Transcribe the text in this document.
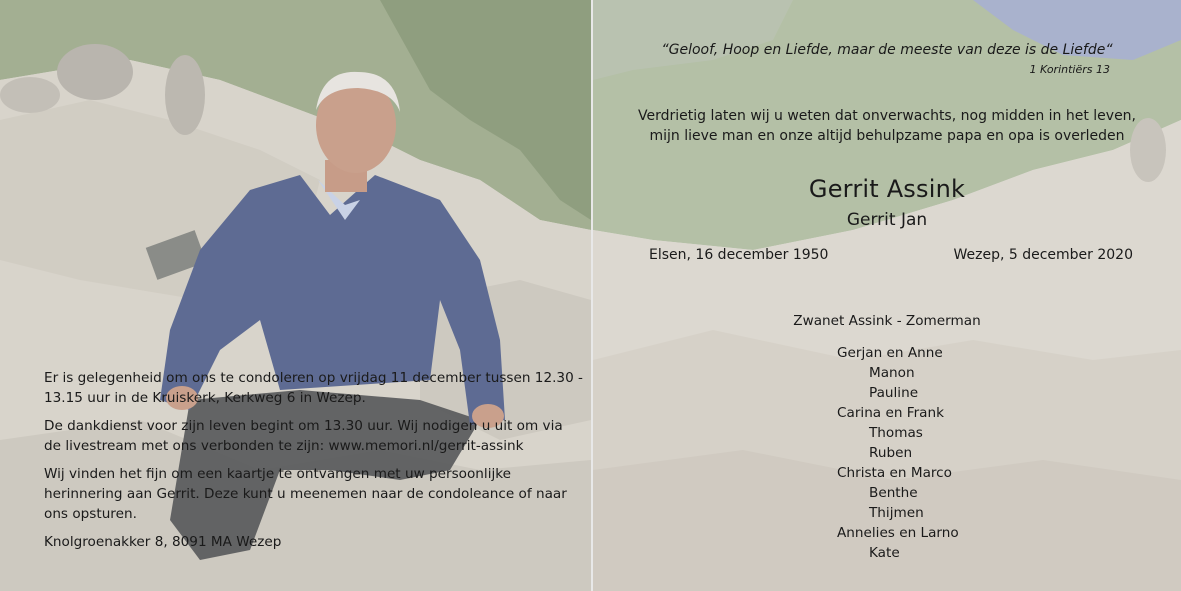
Er is gelegenheid om ons te condoleren op vrijdag 11 december tussen 12.30 - 13.15 uur in de Kruiskerk, Kerkweg 6 in Wezep.

De dankdienst voor zijn leven begint om 13.30 uur. Wij nodigen u uit om via de livestream met ons verbonden te zijn: www.memori.nl/gerrit-assink

Wij vinden het fijn om een kaartje te ontvangen met uw persoonlijke herinnering aan Gerrit. Deze kunt u meenemen naar de condoleance of naar ons opsturen.

Knolgroenakker 8, 8091 MA Wezep

“Geloof, Hoop en Liefde, maar de meeste van deze is de Liefde“
1 Korintiërs 13
Verdrietig laten wij u weten dat onverwachts, nog midden in het leven,
mijn lieve man en onze altijd behulpzame papa en opa is overleden
Gerrit Assink
Gerrit Jan
Elsen, 16 december 1950	Wezep, 5 december 2020
Zwanet Assink - Zomerman
Gerjan en Anne
Manon
Pauline
Carina en Frank
Thomas
Ruben
Christa en Marco
Benthe
Thijmen
Annelies en Larno
Kate
